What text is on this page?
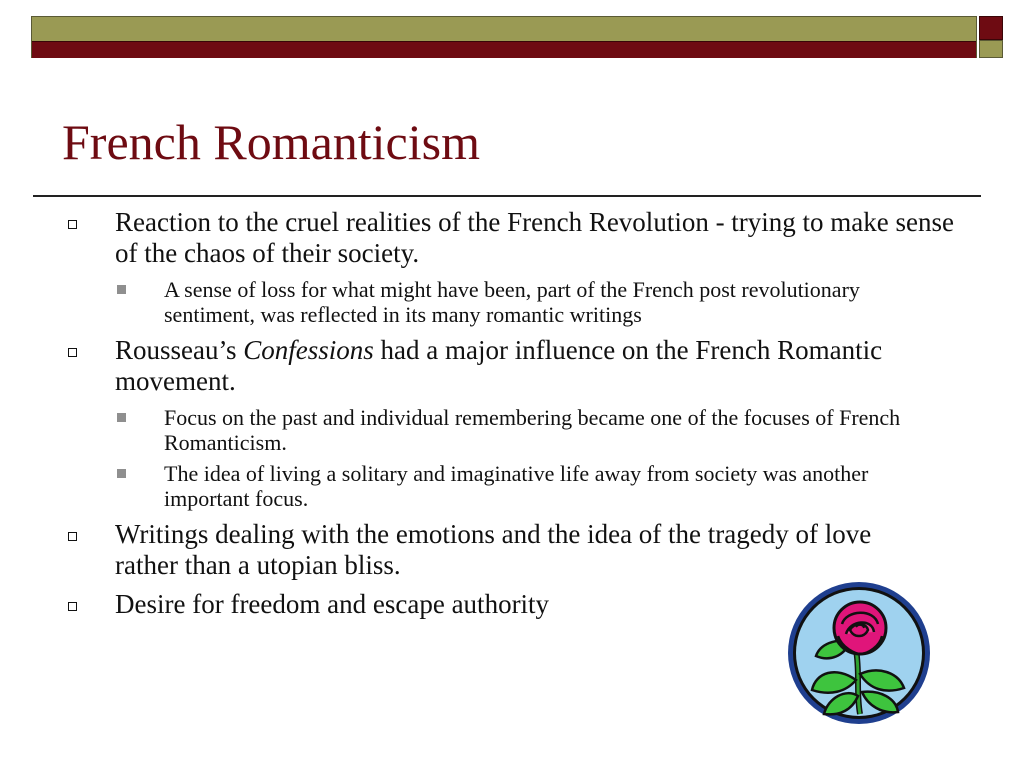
French Romanticism
Reaction to the cruel realities of the French Revolution - trying to make sense of the chaos of their society.
A sense of loss for what might have been, part of the French post revolutionary sentiment, was reflected in its many romantic writings
Rousseau’s Confessions had a major influence on the French Romantic movement.
Focus on the past and individual remembering became one of the focuses of French Romanticism.
The idea of living a solitary and imaginative life away from society was another important focus.
Writings dealing with the emotions and the idea of the tragedy of love rather than a utopian bliss.
Desire for freedom and escape authority
